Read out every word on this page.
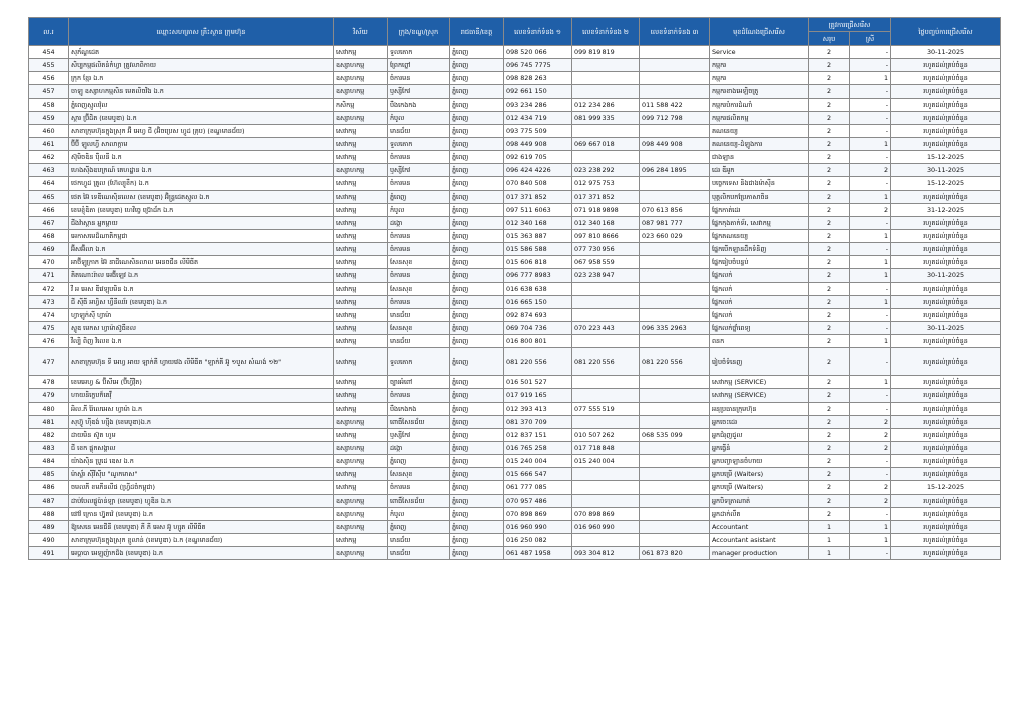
ល.រ	ឈ្មោះសហគ្រាស គ្រឹះស្ថាន ក្រុមហ៊ុន	វិស័យ	ក្រុង/ខណ្ឌ/ស្រុក	រាជធានី/ខេត្ត	លេខទំនាក់ទំនង ១	លេខទំនាក់ទំនង ២	លេខទំនាក់ទំនង ៣	មុខដំណែងជ្រើសរើស	ត្រូវការជ្រើសរើស		ថ្ងៃបញ្ចប់ការជ្រើសរើស
									សរុប	ស្រី	
454	សុភ័ណ្ឌដេត	សេវាកម្ម	ទួលគោក	ភ្នំពេញ	098 520 066	099 819 819		Service	2	-	30-11-2025
455	សិប្បកម្មផលិតនំកំហ្វា ត្រូវលាពិកាយ	ឧស្សាហកម្ម	ព្រែកព្នៅ	ភ្នំពេញ	096 745 7775			កម្មករ	2	-	រហូតដល់គ្រប់ចំនួន
456	ក្រុក ខ្មែរ ឯ.ក	ឧស្សាហកម្ម	ចំការមន	ភ្នំពេញ	098 828 263			កម្មករ	2	1	រហូតដល់គ្រប់ចំនួន
457	ចាឡូ ឧស្សាហកម្មសិន មេតលិចវិង ឯ.ក	ឧស្សាហកម្ម	ឫស្សីកែវ	ភ្នំពេញ	092 661 150			កម្មករខាងអេឡិចត្រូ	2	-	រហូតដល់គ្រប់ចំនួន
458	ភ្នំពេញស្មូលវ៉ុល	កសិកម្ម	បឹងកេងកង	ភ្នំពេញ	093 234 286	012 234 286	011 588 422	កម្មករបំការដំណាំ	2	-	រហូតដល់គ្រប់ចំនួន
459	ស្តារ ប្រ៊ីដិត (ខេមបូឌា) ឯ.ក	ឧស្សាហកម្ម	កំបូល	ភ្នំពេញ	012 434 719	081 999 335	099 712 798	កម្មករផលិតកម្ម	2	-	រហូតដល់គ្រប់ចំនួន
460	សាខាក្រុមហ៊ុនក្នុងស្រុក អ៊ី អេហ្វ ជី (អ៊ិចប្រេស ហ្វូដ គ្រុប) (ខណ្ឌមានជ័យ)	សេវាកម្ម	មានជ័យ	ភ្នំពេញ	093 775 509			គណនេយ្យ	2	-	រហូតដល់គ្រប់ចំនួន
461	ប៊ីប៊ី ឡូលហ្វី សាលាក្តាម	សេវាកម្ម	ទួលគោក	ភ្នំពេញ	098 449 908	069 667 018	098 449 908	គណនេយ្យ-ដំឡូងការ	2	1	រហូតដល់គ្រប់ចំនួន
462	ស៊ុមិចឌិន ប៉ឺលនី ឯ.ក	សេវាកម្ម	ចំការមន	ភ្នំពេញ	092 619 705			ជាងឡាន	2	-	15-12-2025
463	ហេងសុីងឧបក្រណ៍ គេហដ្ឋាន ឯ.ក	ឧស្សាហកម្ម	ឫស្សីកែវ	ភ្នំពេញ	096 424 4226	023 238 292	096 284 1895	ដេរ ឌីអូក	2	2	30-11-2025
464	ថេកហ្វូដ គ្រូល (ហ៊ែល្យូខឹក) ឯ.ក	សេវាកម្ម	ចំការមន	ភ្នំពេញ	070 840 508	012 975 753		បច្ចេកទេស និងជាងម៉ាស៊ីន	2	-	15-12-2025
465	ថេត អ៊ៃ ទេឌីណេស៊ិនលេស (ខេមបូឌា) អ៊ិន្ទ្រដេតស្មូល ឯ.ក	សេវាកម្ម	ភ្នំពេញ	ភ្នំពេញ	017 371 852	017 371 852		បុគ្គលិកបកប្រែភាសាចិន	2	1	រហូតដល់គ្រប់ចំនួន
466	ខេមខ្ញុំឌិតា (ខេមបូឌា) ហេវិច្ចេ ប្រ៊ោដ័ក ឯ.ក	សេវាកម្ម	កំបូល	ភ្នំពេញ	097 511 6063	071 918 9898	070 613 856	ផ្នែកកាត់ដេរ	2	2	31-12-2025
467	ជីងវ៉ាស្តាន អ្នកម្ដាយ	សេវាកម្ម	ដង្កោ	ភ្នំពេញ	012 340 168	012 340 168	087 981 777	ផ្នែកកុងតាក់ទ័រ, សេវាកម្ម	2	-	រហូតដល់គ្រប់ចំនួន
468	អេកាសមេដ៏ណាតិកម្មជា	សេវាកម្ម	ចំការមន	ភ្នំពេញ	015 363 887	097 810 8666	023 660 029	ផ្នែកគណនេយ្យ	2	1	រហូតដល់គ្រប់ចំនួន
469	អ៊ីសអ៊ីលា ឯ.ក	សេវាកម្ម	ចំការមន	ភ្នំពេញ	015 586 588	077 730 956		ផ្នែកបើកឡានដឹកទំនិញ	2	-	រហូតដល់គ្រប់ចំនួន
470	អាថ៊ីឡូក្រាក អ៊ៃ នាជីណេសិនលាល អេនចជីន លីមីធីត	សេវាកម្ម	សែនសុខ	ភ្នំពេញ	015 606 818	067 958 559		ផ្នែករៀបចំបន្ទប់	2	1	រហូតដល់គ្រប់ចំនួន
471	គិតណោះរ៉ាល អេធ៊ីឡេវ ឯ.ក	សេវាកម្ម	ចំការមន	ភ្នំពេញ	096 777 8983	023 238 947		ផ្នែកលក់	2	1	30-11-2025
472	វី អ អេស ឌីវេឡុបមិន ឯ.ក	សេវាកម្ម	សែនសុខ	ភ្នំពេញ	016 638 638			ផ្នែកលក់	2	-	រហូតដល់គ្រប់ចំនួន
473	ជី សុីធី អហ្វិស ហ្វឺនីឈ័រ (ខេមបូឌា) ឯ.ក	សេវាកម្ម	ចំការមន	ភ្នំពេញ	016 665 150			ផ្នែកលក់	2	1	រហូតដល់គ្រប់ចំនួន
474	ហ្វាឡូក់សុី ហ្វាម៉ា	សេវាកម្ម	មានជ័យ	ភ្នំពេញ	092 874 693			ផ្នែកលក់	2	-	រហូតដល់គ្រប់ចំនួន
475	ស្ទូឌ មេកស ហ្វាម៉ាស៊ូធីខល	សេវាកម្ម	សែនសុខ	ភ្នំពេញ	069 704 736	070 223 443	096 335 2963	ផ្នែកលក់ថ្នាំពេទ្យ	2	-	30-11-2025
476	វីល្បិ ពិញ វិលេខ ឯ.ក	សេវាកម្ម	មានជ័យ	ភ្នំពេញ	016 800 801			ពនក	2	1	រហូតដល់គ្រប់ចំនួន
477	សាខាក្រុមហ៊ុន ទី អេហ្វ អាយ ឡាក់គី ហ្វាយវេង លីមីធីត "ឡាក់គី អ៊ូ ១បួស សំណង់ ១២"	សេវាកម្ម	ទួលគោក	ភ្នំពេញ	081 220 556	081 220 556	081 220 556	រៀបចំទំនេញ	2	-	រហូតដល់គ្រប់ចំនួន
478	ខេមអេហ្វ & ប៊ីសីអេ (ប៊ីហ្វីវ៉ិត)	សេវាកម្ម	ច្បារអំពៅ	ភ្នំពេញ	016 501 527			សេវាកម្ម (SERVICE)	2	1	រហូតដល់គ្រប់ចំនួន
479	ហាយនិក្ខេបក៏តេវ៉ឹ	សេវាកម្ម	ចំការមន	ភ្នំពេញ	017 919 165			សេវាកម្ម (SERVICE)	2	-	រហូតដល់គ្រប់ចំនួន
480	អិល.ភី រ៉ៃលេអេស ហ្វាម៉ា ឯ.ក	សេវាកម្ម	បឹងកេងកង	ភ្នំពេញ	012 393 413	077 555 519		អនុប្រធានក្រុមហ៊ុន	2	-	រហូតដល់គ្រប់ចំនួន
481	សុហ៊្វូ ហ៊ីឌង់ ហ្សុីង (ខេមបូឌា)ឯ.ក	ឧស្សាហកម្ម	ពោធិ៍សែនជ័យ	ភ្នំពេញ	081 370 709			អ្នកចេះដេរ	2	2	រហូតដល់គ្រប់ចំនួន
482	ដាយមិន ស៊ូត ហូម	សេវាកម្ម	ឫស្សីកែវ	ភ្នំពេញ	012 837 151	010 507 262	068 535 099	អ្នកជំរុញជួល	2	2	រហូតដល់គ្រប់ចំនួន
483	ជី ខេក ផ្លុកសង្គាល	ឧស្សាហកម្ម	ដង្កោ	ភ្នំពេញ	016 765 258	017 718 848		អ្នកធ្វើនំ	2	2	រហូតដល់គ្រប់ចំនួន
484	យ៉ាងស៊ិន ប្រូដេ ឌេស ឯ.ក	ឧស្សាហកម្ម	ភ្នំពេញ	ភ្នំពេញ	015 240 004	015 240 004		អ្នកបញ្ជាឡានចំហាយ	2	-	រហូតដល់គ្រប់ចំនួន
485	ម៉ាស្ទ័រ ស៊ីវីស៊ីប "ណូកមាស"	សេវាកម្ម	សែនសុខ	ភ្នំពេញ	015 666 547			អ្នកបម្រើ (Waiters)	2	-	រហូតដល់គ្រប់ចំនួន
486	ចមលភី ខមភីនលីផ (ហ្រ្វីដចំកម្ពុជា)	សេវាកម្ម	ចំការមន	ភ្នំពេញ	061 777 085			អ្នកបម្រើ (Waiters)	2	2	15-12-2025
487	ដាប់បែលផ្លូប៉ាន់ឡា (ខេមបូឌា) ហ្វុឌិន ឯ.ក	ឧស្សាហកម្ម	ពោធិ៍សែនជ័យ	ភ្នំពេញ	070 957 486			អ្នកបិទត្រាណាត់	2	2	រហូតដល់គ្រប់ចំនួន
488	ផៅវ៉ ក្រោន ហ្វ៊ូតវ៉េ (ខេមបូឌា) ឯ.ក	ឧស្សាហកម្ម	កំបូល	ភ្នំពេញ	070 898 869	070 898 869		អ្នកដាក់លឹត	2	-	រហូតដល់គ្រប់ចំនួន
489	ឱ្យសេនេ អេនជីនី (ខេមបូឌា) ភី ភី អេស អ៊ូ ហ្សូត លីមីធីត	ឧស្សាហកម្ម	ភ្នំពេញ	ភ្នំពេញ	016 960 990	016 960 990		Accountant	1	1	រហូតដល់គ្រប់ចំនួន
490	សាខាក្រុមហ៊ុនក្នុងស្រុក ខ្មូលាន់ (ខេមបូឌា) ឯ.ក (ខណ្ឌមានជ័យ)	សេវាកម្ម	មានជ័យ	ភ្នំពេញ	016 250 082			Accountant asistant	1	1	រហូតដល់គ្រប់ចំនួន
491	អេប្ដាបា អេឡុញ៉ាកដ៏ង (ខេមបូឌា) ឯ.ក	ឧស្សាហកម្ម	មានជ័យ	ភ្នំពេញ	061 487 1958	093 304 812	061 873 820	manager production	1	-	រហូតដល់គ្រប់ចំនួន
